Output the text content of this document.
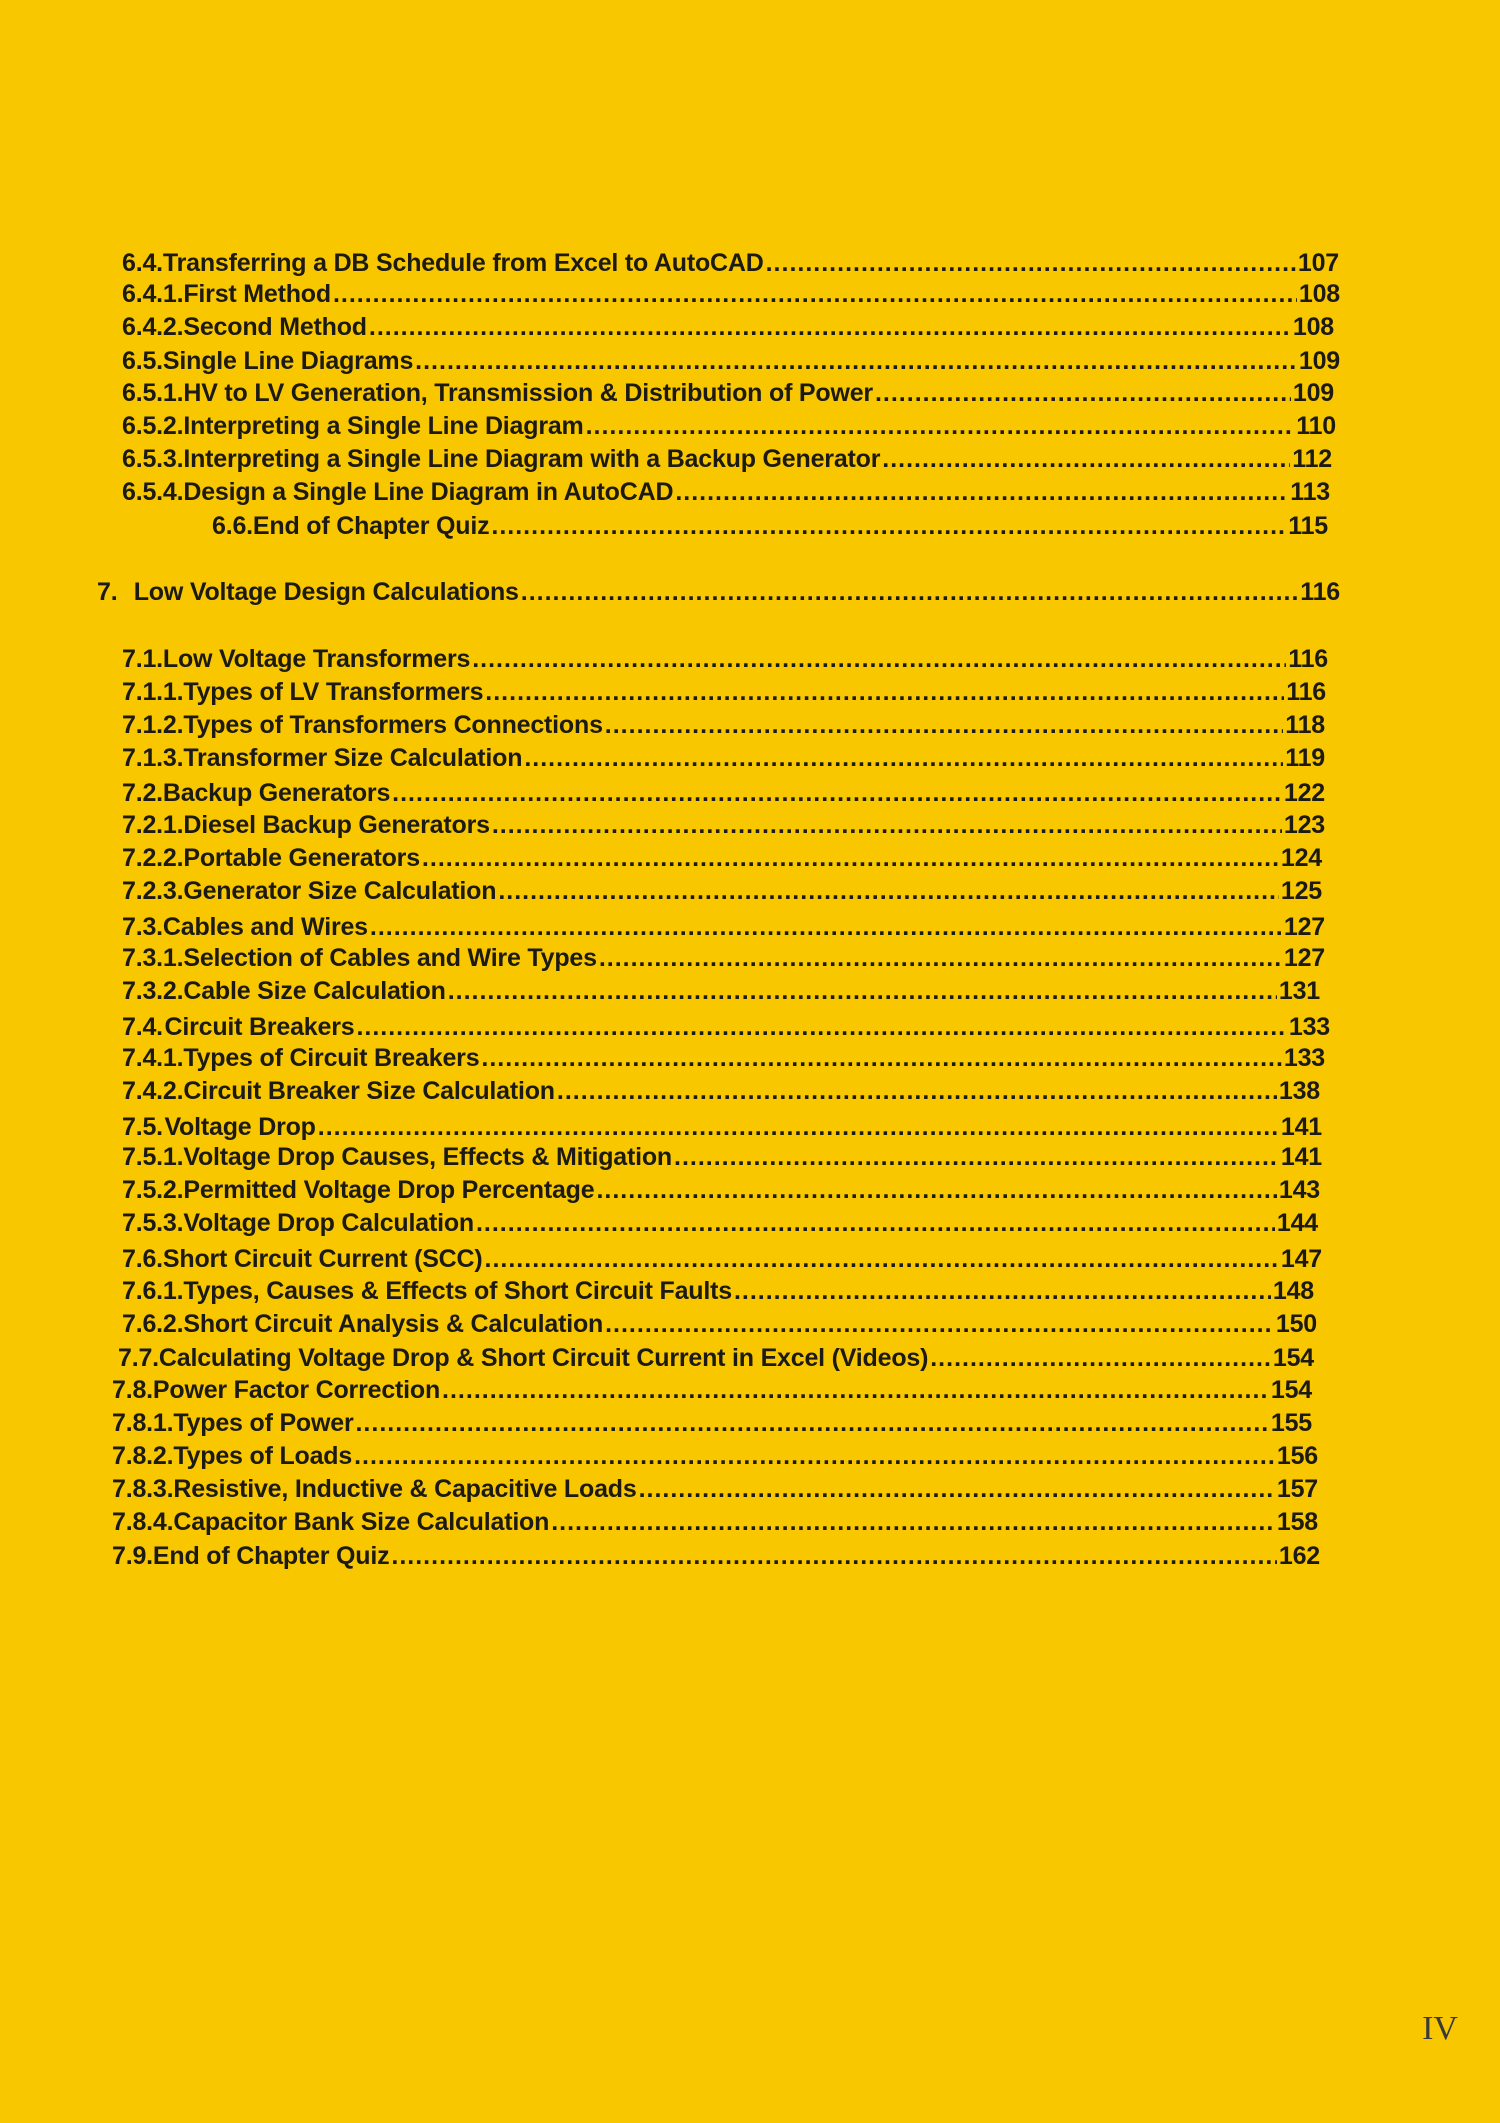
6.4. Transferring a DB Schedule from Excel to AutoCAD .....	107
6.4.1. First Method .....	108
6.4.2. Second Method .....	108
6.5. Single Line Diagrams .....	109
6.5.1. HV to LV Generation, Transmission & Distribution of Power .....	109
6.5.2. Interpreting a Single Line Diagram .....	110
6.5.3. Interpreting a Single Line Diagram with a Backup Generator .....	112
6.5.4. Design a Single Line Diagram in AutoCAD .....	113
6.6. End of Chapter Quiz .....	115
7. Low Voltage Design Calculations .....	116
7.1. Low Voltage Transformers .....	116
7.1.1. Types of LV Transformers .....	116
7.1.2. Types of Transformers Connections .....	118
7.1.3. Transformer Size Calculation .....	119
7.2. Backup Generators .....	122
7.2.1. Diesel Backup Generators .....	123
7.2.2. Portable Generators .....	124
7.2.3. Generator Size Calculation .....	125
7.3. Cables and Wires .....	127
7.3.1. Selection of Cables and Wire Types .....	127
7.3.2. Cable Size Calculation .....	131
7.4. Circuit Breakers .....	133
7.4.1. Types of Circuit Breakers .....	133
7.4.2. Circuit Breaker Size Calculation .....	138
7.5. Voltage Drop .....	141
7.5.1. Voltage Drop Causes, Effects & Mitigation .....	141
7.5.2. Permitted Voltage Drop Percentage .....	143
7.5.3. Voltage Drop Calculation .....	144
7.6. Short Circuit Current (SCC) .....	147
7.6.1. Types, Causes & Effects of Short Circuit Faults .....	148
7.6.2. Short Circuit Analysis & Calculation .....	150
7.7. Calculating Voltage Drop & Short Circuit Current in Excel (Videos) .....	154
7.8. Power Factor Correction .....	154
7.8.1. Types of Power .....	155
7.8.2. Types of Loads .....	156
7.8.3. Resistive, Inductive & Capacitive Loads .....	157
7.8.4. Capacitor Bank Size Calculation .....	158
7.9. End of Chapter Quiz .....	162
IV
